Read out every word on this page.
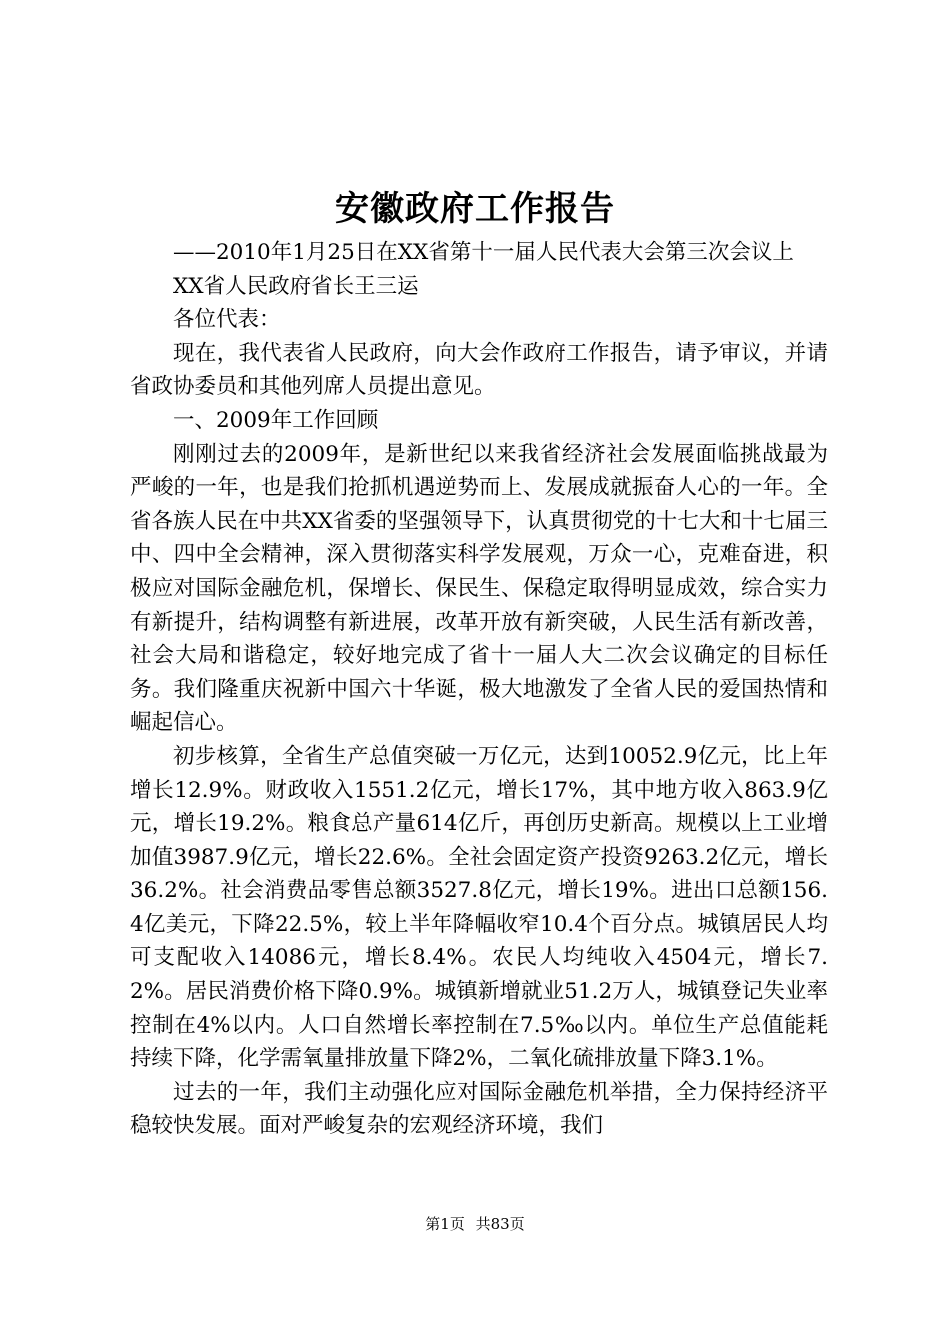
安徽政府工作报告

——2010年1月25日在XX省第十一届人民代表大会第三次会议上

XX省人民政府省长王三运

各位代表：

现在，我代表省人民政府，向大会作政府工作报告，请予审议，并请省政协委员和其他列席人员提出意见。

一、2009年工作回顾

刚刚过去的2009年，是新世纪以来我省经济社会发展面临挑战最为严峻的一年，也是我们抢抓机遇逆势而上、发展成就振奋人心的一年。全省各族人民在中共XX省委的坚强领导下，认真贯彻党的十七大和十七届三中、四中全会精神，深入贯彻落实科学发展观，万众一心，克难奋进，积极应对国际金融危机，保增长、保民生、保稳定取得明显成效，综合实力有新提升，结构调整有新进展，改革开放有新突破，人民生活有新改善，社会大局和谐稳定，较好地完成了省十一届人大二次会议确定的目标任务。我们隆重庆祝新中国六十华诞，极大地激发了全省人民的爱国热情和崛起信心。

初步核算，全省生产总值突破一万亿元，达到10052.9亿元，比上年增长12.9%。财政收入1551.2亿元，增长17%，其中地方收入863.9亿元，增长19.2%。粮食总产量614亿斤，再创历史新高。规模以上工业增加值3987.9亿元，增长22.6%。全社会固定资产投资9263.2亿元，增长36.2%。社会消费品零售总额3527.8亿元，增长19%。进出口总额156.4亿美元，下降22.5%，较上半年降幅收窄10.4个百分点。城镇居民人均可支配收入14086元，增长8.4%。农民人均纯收入4504元，增长7.2%。居民消费价格下降0.9%。城镇新增就业51.2万人，城镇登记失业率控制在4%以内。人口自然增长率控制在7.5‰以内。单位生产总值能耗持续下降，化学需氧量排放量下降2%，二氧化硫排放量下降3.1%。

过去的一年，我们主动强化应对国际金融危机举措，全力保持经济平稳较快发展。面对严峻复杂的宏观经济环境，我们

第1页 共83页
